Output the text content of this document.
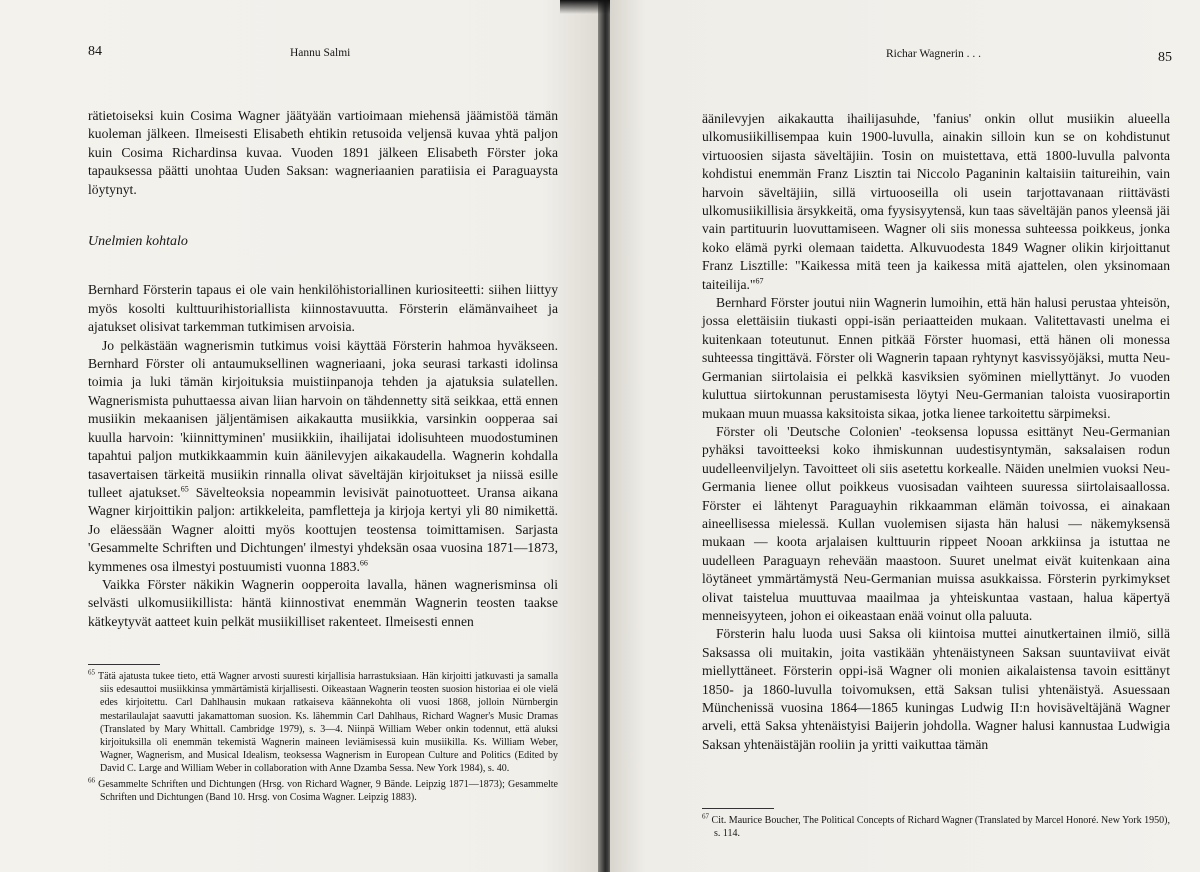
84	Hannu Salmi

rätietoiseksi kuin Cosima Wagner jäätyään vartioimaan miehensä jäämistöä tämän kuoleman jälkeen. Ilmeisesti Elisabeth ehtikin retusoida veljensä kuvaa yhtä paljon kuin Cosima Richardinsa kuvaa. Vuoden 1891 jälkeen Elisabeth Förster joka tapauksessa päätti unohtaa Uuden Saksan: wagneriaanien paratiisia ei Paraguaysta löytynyt.

Unelmien kohtalo

Bernhard Försterin tapaus ei ole vain henkilöhistoriallinen kuriositeetti: siihen liittyy myös kosolti kulttuurihistoriallista kiinnostavuutta. Försterin elämänvaiheet ja ajatukset olisivat tarkemman tutkimisen arvoisia.

Jo pelkästään wagnerismin tutkimus voisi käyttää Försterin hahmoa hyväkseen. Bernhard Förster oli antaumuksellinen wagneriaani, joka seurasi tarkasti idolinsa toimia ja luki tämän kirjoituksia muistiinpanoja tehden ja ajatuksia sulatellen. Wagnerismista puhuttaessa aivan liian harvoin on tähdennetty sitä seikkaa, että ennen musiikin mekaanisen jäljentämisen aikakautta musiikkia, varsinkin oopperaa sai kuulla harvoin: 'kiinnittyminen' musiikkiin, ihailijatai idolisuhteen muodostuminen tapahtui paljon mutkikkaammin kuin äänilevyjen aikakaudella. Wagnerin kohdalla tasavertaisen tärkeitä musiikin rinnalla olivat säveltäjän kirjoitukset ja niissä esille tulleet ajatukset.$^{65}$ Sävelteoksia nopeammin levisivät painotuotteet. Uransa aikana Wagner kirjoittikin paljon: artikkeleita, pamfletteja ja kirjoja kertyi yli 80 nimikettä. Jo eläessään Wagner aloitti myös koottujen teostensa toimittamisen. Sarjasta 'Gesammelte Schriften und Dichtungen' ilmestyi yhdeksän osaa vuosina 1871—1873, kymmenes osa ilmestyi postuumisti vuonna 1883.66

Vaikka Förster näkikin Wagnerin oopperoita lavalla, hänen wagnerisminsa oli selvästi ulkomusiikillista: häntä kiinnostivat enemmän Wagnerin teosten taakse kätkeytyvät aatteet kuin pelkät musiikilliset rakenteet. Ilmeisesti ennen

$^{65}$ Tätä ajatusta tukee tieto, että Wagner arvosti suuresti kirjallisia harrastuksiaan. Hän kirjoitti jatkuvasti ja samalla siis edesauttoi musiikkinsa ymmärtämistä kirjallisesti. Oikeastaan Wagnerin teosten suosion historiaa ei ole vielä edes kirjoitettu. Carl Dahlhausin mukaan ratkaiseva käännekohta oli vuosi 1868, jolloin Nürnbergin mestarilaulajat saavutti jakamattoman suosion. Ks. lähemmin Carl Dahlhaus, Richard Wagner's Music Dramas (Translated by Mary Whittall. Cambridge 1979), s. 3—4. Niinpä William Weber onkin todennut, että aluksi kirjoituksilla oli enemmän tekemistä Wagnerin maineen leviämisessä kuin musiikilla. Ks. William Weber, Wagner, Wagnerism, and Musical Idealism, teoksessa Wagnerism in European Culture and Politics (Edited by David C. Large and William Weber in collaboration with Anne Dzamba Sessa. New York 1984), s. 40.

$^{66}$ Gesammelte Schriften und Dichtungen (Hrsg. von Richard Wagner, 9 Bände. Leipzig 1871—1873); Gesammelte Schriften und Dichtungen (Band 10. Hrsg. von Cosima Wagner. Leipzig 1883).

Richar Wagnerin . . .	85

äänilevyjen aikakautta ihailijasuhde, 'fanius' onkin ollut musiikin alueella ulkomusiikillisempaa kuin 1900-luvulla, ainakin silloin kun se on kohdistunut virtuoosien sijasta säveltäjiin. Tosin on muistettava, että 1800-luvulla palvonta kohdistui enemmän Franz Lisztin tai Niccolo Paganinin kaltaisiin taitureihin, vain harvoin säveltäjiin, sillä virtuooseilla oli usein tarjottavanaan riittävästi ulkomusiikillisia ärsykkeitä, oma fyysisyytensä, kun taas säveltäjän panos yleensä jäi vain partituurin luovuttamiseen. Wagner oli siis monessa suhteessa poikkeus, jonka koko elämä pyrki olemaan taidetta. Alkuvuodesta 1849 Wagner olikin kirjoittanut Franz Lisztille: "Kaikessa mitä teen ja kaikessa mitä ajattelen, olen yksinomaan taiteilija."$^{67}$

Bernhard Förster joutui niin Wagnerin lumoihin, että hän halusi perustaa yhteisön, jossa elettäisiin tiukasti oppi-isän periaatteiden mukaan. Valitettavasti unelma ei kuitenkaan toteutunut. Ennen pitkää Förster huomasi, että hänen oli monessa suhteessa tingittävä. Förster oli Wagnerin tapaan ryhtynyt kasvissyöjäksi, mutta Neu-Germanian siirtolaisia ei pelkkä kasviksien syöminen miellyttänyt. Jo vuoden kuluttua siirtokunnan perustamisesta löytyi Neu-Germanian taloista vuosiraportin mukaan muun muassa kaksitoista sikaa, jotka lienee tarkoitettu särpimeksi.

Förster oli 'Deutsche Colonien' -teoksensa lopussa esittänyt Neu-Germanian pyhäksi tavoitteeksi koko ihmiskunnan uudestisyntymän, saksalaisen rodun uudelleenviljelyn. Tavoitteet oli siis asetettu korkealle. Näiden unelmien vuoksi Neu-Germania lienee ollut poikkeus vuosisadan vaihteen suuressa siirtolaisaallossa. Förster ei lähtenyt Paraguayhin rikkaamman elämän toivossa, ei ainakaan aineellisessa mielessä. Kullan vuolemisen sijasta hän halusi — näkemyksensä mukaan — koota arjalaisen kulttuurin rippeet Nooan arkkiinsa ja istuttaa ne uudelleen Paraguayn rehevään maastoon. Suuret unelmat eivät kuitenkaan aina löytäneet ymmärtämystä Neu-Germanian muissa asukkaissa. Försterin pyrkimykset olivat taistelua muuttuvaa maailmaa ja yhteiskuntaa vastaan, halua käpertyä menneisyyteen, johon ei oikeastaan enää voinut olla paluuta.

Försterin halu luoda uusi Saksa oli kiintoisa muttei ainutkertainen ilmiö, sillä Saksassa oli muitakin, joita vastikään yhtenäistyneen Saksan suuntaviivat eivät miellyttäneet. Försterin oppi-isä Wagner oli monien aikalaistensa tavoin esittänyt 1850- ja 1860-luvulla toivomuksen, että Saksan tulisi yhtenäistyä. Asuessaan Münchenissä vuosina 1864—1865 kuningas Ludwig II:n hovisäveltäjänä Wagner arveli, että Saksa yhtenäistyisi Baijerin johdolla. Wagner halusi kannustaa Ludwigia Saksan yhtenäistäjän rooliin ja yritti vaikuttaa tämän

$^{67}$ Cit. Maurice Boucher, The Political Concepts of Richard Wagner (Translated by Marcel Honoré. New York 1950), s. 114.
